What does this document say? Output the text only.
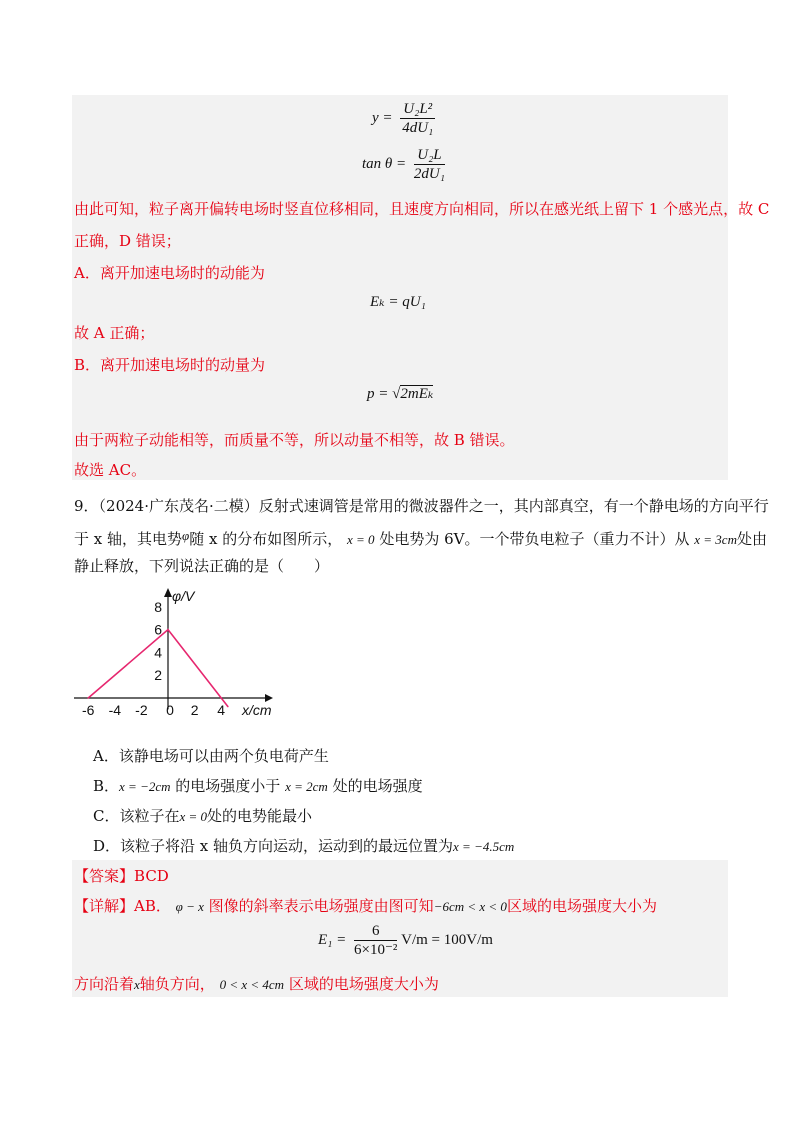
$y = \frac{\text{U₂L²}}{\text{4dU₁}}$
$\tan \theta = \frac{\text{U₂L}}{\text{2dU₁}}$
由此可知，粒子离开偏转电场时竖直位移相同，且速度方向相同，所以在感光纸上留下 1 个感光点，故 C
正确，D 错误；
A．离开加速电场时的动能为
Eₖ = qU₁
故 A 正确；
B．离开加速电场时的动量为
p = √2mEₖ
由于两粒子动能相等，而质量不等，所以动量不相等，故 B 错误。
故选 AC。
9．（2024·广东茂名·二模）反射式速调管是常用的微波器件之一，其内部真空，有一个静电场的方向平行
于 x 轴，其电势φ随 x 的分布如图所示， x = 0 处电势为 6V。一个带负电粒子（重力不计）从 x = 3cm处由
静止释放，下列说法正确的是（　　）
-6 -4 -2 0 2 4
2
4
6
8
x/cm
φ/V
A．该静电场可以由两个负电荷产生
B．x = −2cm 的电场强度小于 x = 2cm 处的电场强度
C．该粒子在x = 0处的电势能最小
D．该粒子将沿 x 轴负方向运动，运动到的最远位置为x = −4.5cm
【答案】BCD
【详解】AB． φ − x 图像的斜率表示电场强度由图可知−6cm < x < 0区域的电场强度大小为
$E_1 = \frac{6}{\text{6×10⁻²}} V/m = 100V/m$
方向沿着x轴负方向， 0 < x < 4cm 区域的电场强度大小为
